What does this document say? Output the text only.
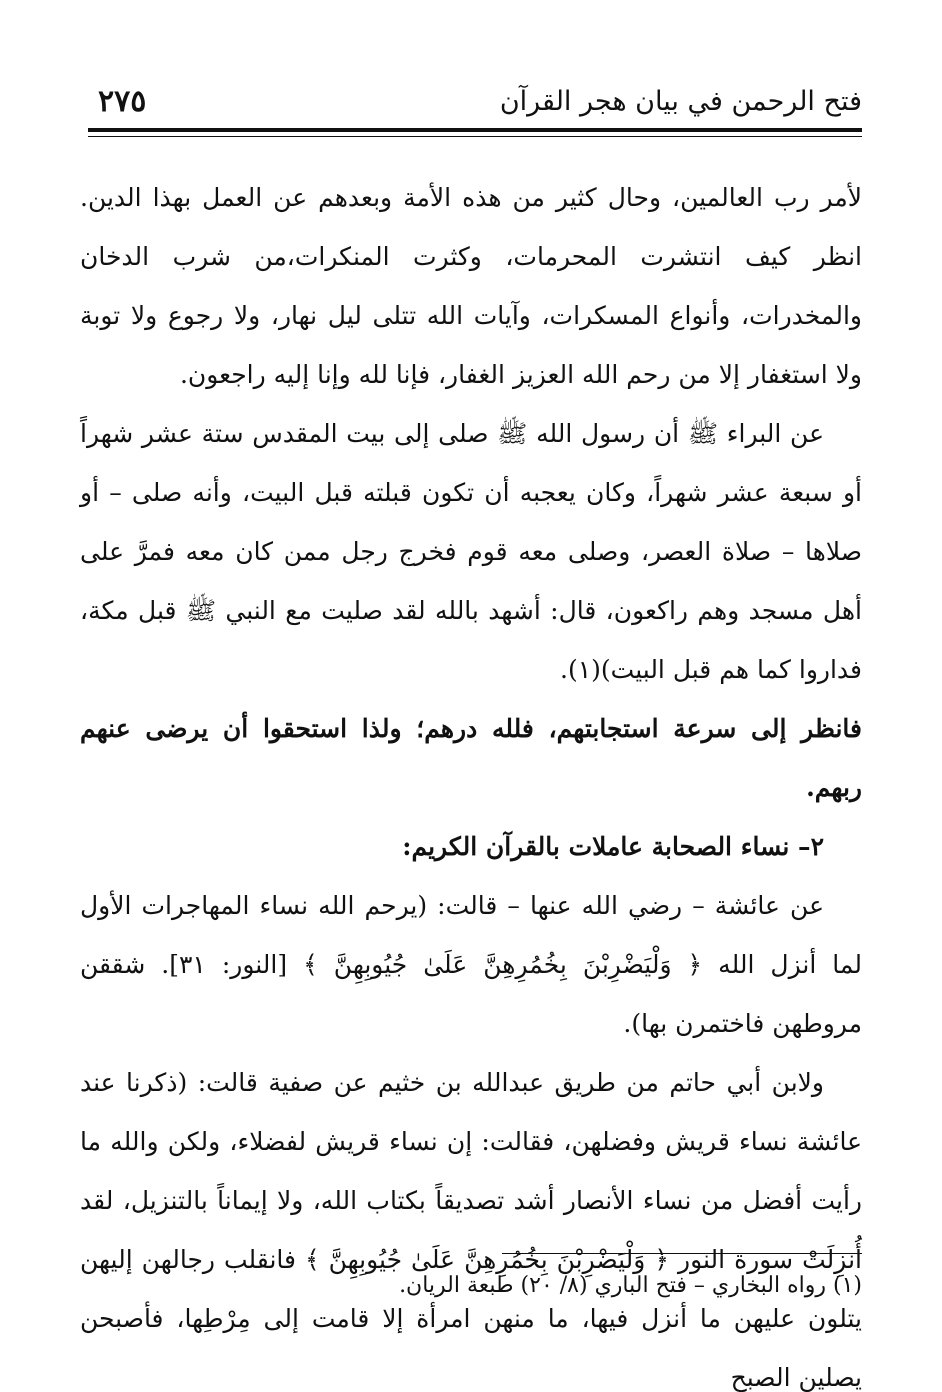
فتح الرحمن في بيان هجر القرآن
٢٧٥

لأمر رب العالمين، وحال كثير من هذه الأمة وبعدهم عن العمل بهذا الدين. انظر كيف انتشرت المحرمات، وكثرت المنكرات،من شرب الدخان والمخدرات، وأنواع المسكرات، وآيات الله تتلى ليل نهار، ولا رجوع ولا توبة ولا استغفار إلا من رحم الله العزيز الغفار، فإنا لله وإنا إليه راجعون.

عن البراء ﷺ أن رسول الله ﷺ صلى إلى بيت المقدس ستة عشر شهراً أو سبعة عشر شهراً، وكان يعجبه أن تكون قبلته قبل البيت، وأنه صلى – أو صلاها – صلاة العصر، وصلى معه قوم فخرج رجل ممن كان معه فمرَّ على أهل مسجد وهم راكعون، قال: أشهد بالله لقد صليت مع النبي ﷺ قبل مكة، فداروا كما هم قبل البيت)(١).

فانظر إلى سرعة استجابتهم، فلله درهم؛ ولذا استحقوا أن يرضى عنهم ربهم.

٢– نساء الصحابة عاملات بالقرآن الكريم:

عن عائشة – رضي الله عنها – قالت: (يرحم الله نساء المهاجرات الأول لما أنزل الله ﴿ وَلْيَضْرِبْنَ بِخُمُرِهِنَّ عَلَىٰ جُيُوبِهِنَّ ﴾ [النور: ٣١]. شققن مروطهن فاختمرن بها).

ولابن أبي حاتم من طريق عبدالله بن خثيم عن صفية قالت: (ذكرنا عند عائشة نساء قريش وفضلهن، فقالت: إن نساء قريش لفضلاء، ولكن والله ما رأيت أفضل من نساء الأنصار أشد تصديقاً بكتاب الله، ولا إيماناً بالتنزيل، لقد أُنزِلَتْ سورة النور ﴿ وَلْيَضْرِبْنَ بِخُمُرِهِنَّ عَلَىٰ جُيُوبِهِنَّ ﴾ فانقلب رجالهن إليهن يتلون عليهن ما أنزل فيها، ما منهن امرأة إلا قامت إلى مِرْطِها، فأصبحن يصلين الصبح

(١) رواه البخاري – فتح الباري (٨/ ٢٠) طبعة الريان.
